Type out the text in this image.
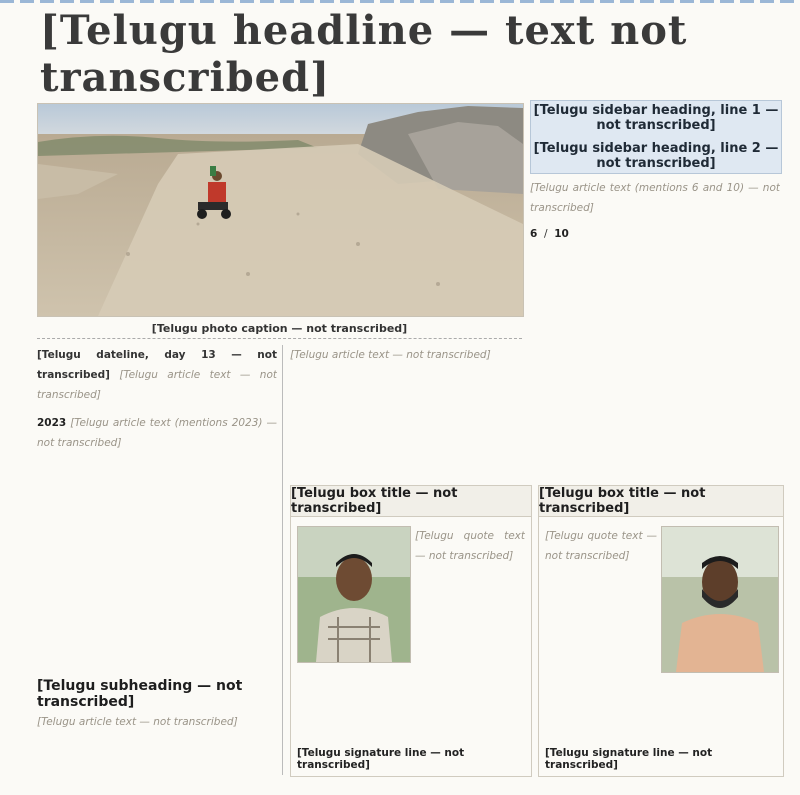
[Telugu headline — text not transcribed]
[Telugu photo caption — not transcribed]
[Telugu sidebar heading, line 1 — not transcribed]
[Telugu sidebar heading, line 2 — not transcribed]
[Telugu article text (mentions 6 and 10) — not transcribed]
6  /  10
[Telugu dateline, day 13 — not transcribed] [Telugu article text — not transcribed]
2023 [Telugu article text (mentions 2023) — not transcribed]
[Telugu subheading — not transcribed]
[Telugu article text — not transcribed]
[Telugu article text — not transcribed]
[Telugu box title — not transcribed]
[Telugu quote text — not transcribed]
[Telugu signature line — not transcribed]
[Telugu box title — not transcribed]
[Telugu quote text — not transcribed]
[Telugu signature line — not transcribed]
